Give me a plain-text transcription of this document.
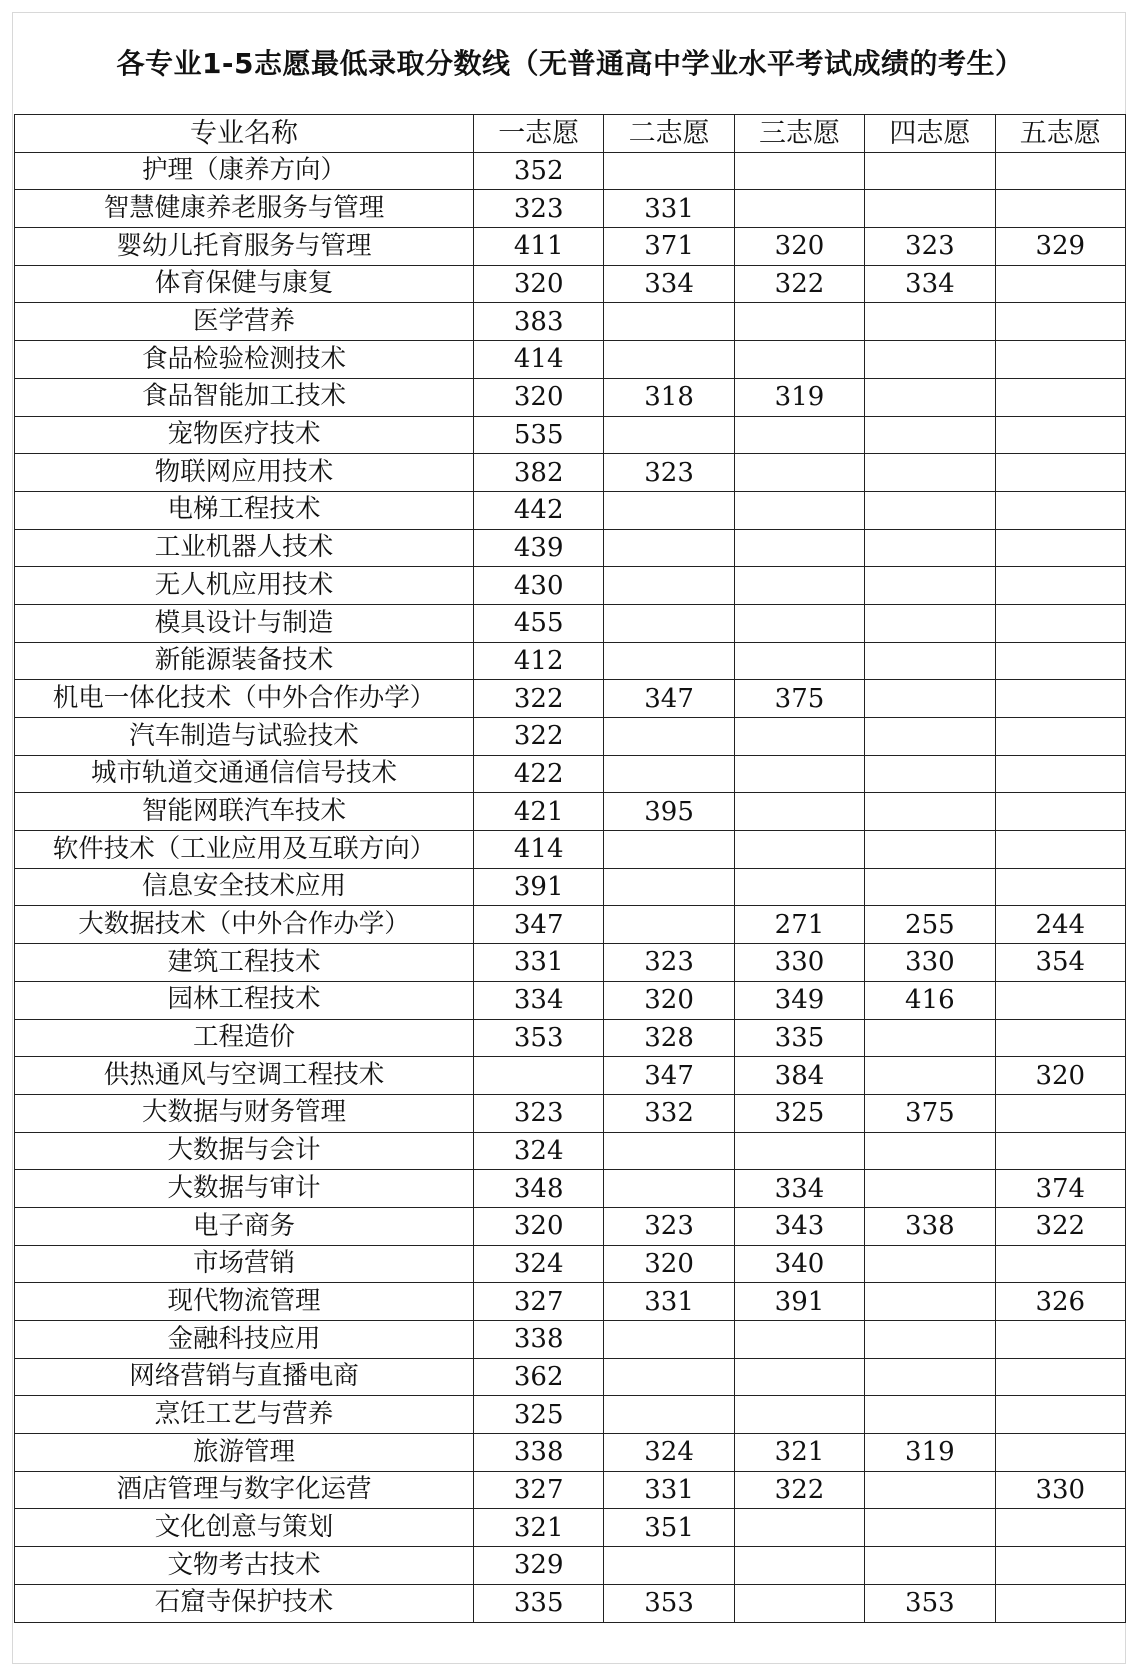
各专业1-5志愿最低录取分数线（无普通高中学业水平考试成绩的考生）
专业名称	一志愿	二志愿	三志愿	四志愿	五志愿
护理（康养方向）	352				
智慧健康养老服务与管理	323	331			
婴幼儿托育服务与管理	411	371	320	323	329
体育保健与康复	320	334	322	334	
医学营养	383				
食品检验检测技术	414				
食品智能加工技术	320	318	319		
宠物医疗技术	535				
物联网应用技术	382	323			
电梯工程技术	442				
工业机器人技术	439				
无人机应用技术	430				
模具设计与制造	455				
新能源装备技术	412				
机电一体化技术（中外合作办学）	322	347	375		
汽车制造与试验技术	322				
城市轨道交通通信信号技术	422				
智能网联汽车技术	421	395			
软件技术（工业应用及互联方向）	414				
信息安全技术应用	391				
大数据技术（中外合作办学）	347		271	255	244
建筑工程技术	331	323	330	330	354
园林工程技术	334	320	349	416	
工程造价	353	328	335		
供热通风与空调工程技术		347	384		320
大数据与财务管理	323	332	325	375	
大数据与会计	324				
大数据与审计	348		334		374
电子商务	320	323	343	338	322
市场营销	324	320	340		
现代物流管理	327	331	391		326
金融科技应用	338				
网络营销与直播电商	362				
烹饪工艺与营养	325				
旅游管理	338	324	321	319	
酒店管理与数字化运营	327	331	322		330
文化创意与策划	321	351			
文物考古技术	329				
石窟寺保护技术	335	353		353	
